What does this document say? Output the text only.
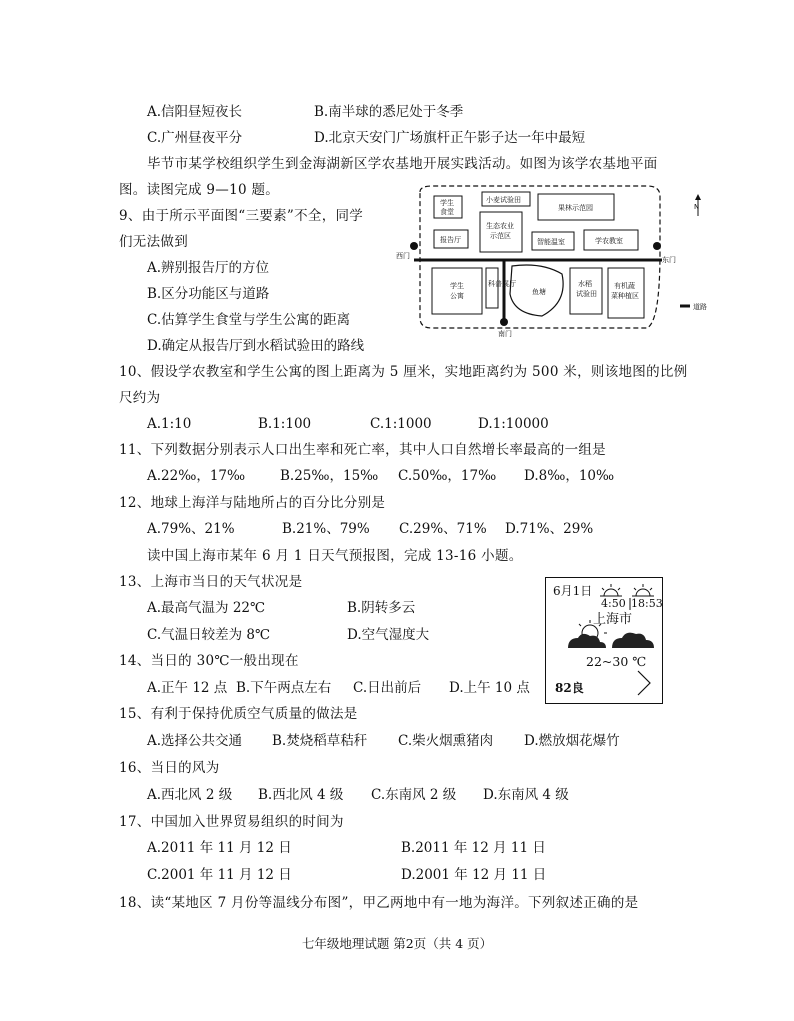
A.信阳昼短夜长	B.南半球的悉尼处于冬季
C.广州昼夜平分	D.北京天安门广场旗杆正午影子达一年中最短
毕节市某学校组织学生到金海湖新区学农基地开展实践活动。如图为该学农基地平面
图。读图完成 9—10 题。
9、由于所示平面图“三要素”不全，同学
们无法做到
A.辨别报告厅的方位
B.区分功能区与道路
C.估算学生食堂与学生公寓的距离
D.确定从报告厅到水稻试验田的路线
学生
食堂
小麦试验田
果林示范园
报告厅
生态农业
示范区
智能温室	学农教室
学生
公寓
科普展厅
鱼塘
水稻
试验田
有机蔬
菜种植区
西门	东门
南门
N
道路
10、假设学农教室和学生公寓的图上距离为 5 厘米，实地距离约为 500 米，则该地图的比例
尺约为
A.1:10	B.1:100	C.1:1000	D.1:10000
11、下列数据分别表示人口出生率和死亡率，其中人口自然增长率最高的一组是
A.22‰，17‰	B.25‰，15‰ C.50‰，17‰ D.8‰，10‰
12、地球上海洋与陆地所占的百分比分别是
A.79%、21%	B.21%、79% C.29%、71% D.71%、29%
读中国上海市某年 6 月 1 日天气预报图，完成 13-16 小题。
13、上海市当日的天气状况是
A.最高气温为 22℃	B.阴转多云
C.气温日较差为 8℃	D.空气湿度大
6月1日
4:50 18:53
上海市
22~30 ℃
82良
14、当日的 30℃一般出现在
A.正午 12 点 B.下午两点左右 C.日出前后 D.上午 10 点
15、有利于保持优质空气质量的做法是
A.选择公共交通 B.焚烧稻草秸秆 C.柴火烟熏猪肉 D.燃放烟花爆竹
16、当日的风为
A.西北风 2 级 B.西北风 4 级 C.东南风 2 级 D.东南风 4 级
17、中国加入世界贸易组织的时间为
A.2011 年 11 月 12 日	B.2011 年 12 月 11 日
C.2001 年 11 月 12 日	D.2001 年 12 月 11 日
18、读“某地区 7 月份等温线分布图”，甲乙两地中有一地为海洋。下列叙述正确的是
七年级地理试题 第2页（共 4 页）
